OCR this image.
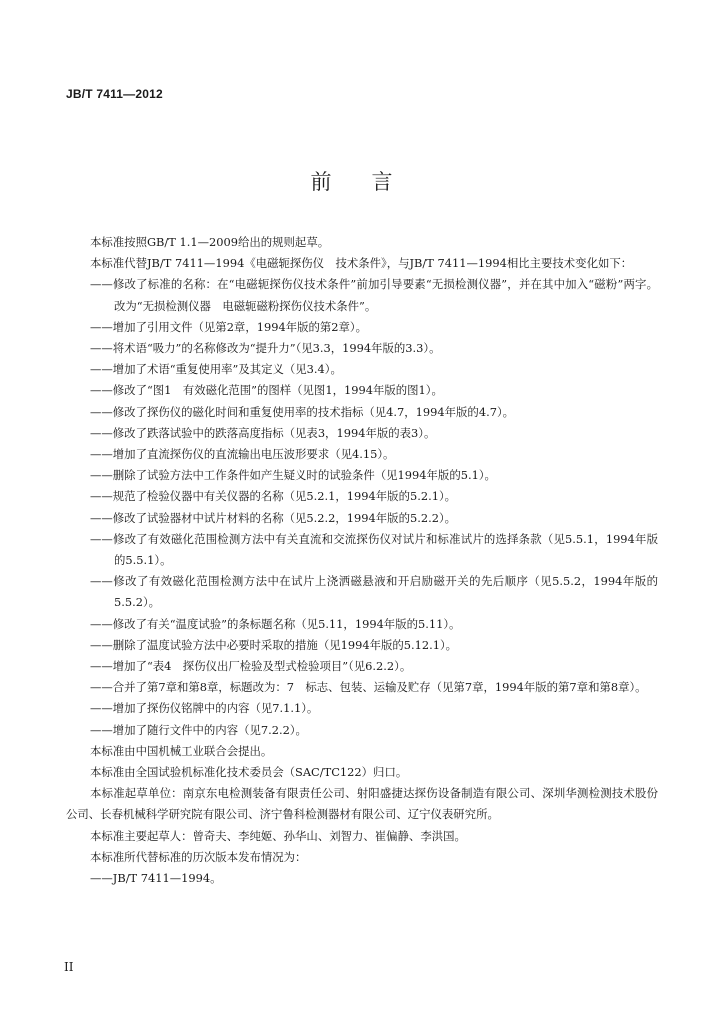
JB/T 7411—2012
前 言

本标准按照GB/T 1.1—2009给出的规则起草。

本标准代替JB/T 7411—1994《电磁轭探伤仪　技术条件》，与JB/T 7411—1994相比主要技术变化如下：

——修改了标准的名称：在“电磁轭探伤仪技术条件”前加引导要素“无损检测仪器”，并在其中加入“磁粉”两字。改为“无损检测仪器　电磁轭磁粉探伤仪技术条件”。

——增加了引用文件（见第2章，1994年版的第2章）。

——将术语“吸力”的名称修改为“提升力”（见3.3，1994年版的3.3）。

——增加了术语“重复使用率”及其定义（见3.4）。

——修改了“图1　有效磁化范围”的图样（见图1，1994年版的图1）。

——修改了探伤仪的磁化时间和重复使用率的技术指标（见4.7，1994年版的4.7）。

——修改了跌落试验中的跌落高度指标（见表3，1994年版的表3）。

——增加了直流探伤仪的直流输出电压波形要求（见4.15）。

——删除了试验方法中工作条件如产生疑义时的试验条件（见1994年版的5.1）。

——规范了检验仪器中有关仪器的名称（见5.2.1，1994年版的5.2.1）。

——修改了试验器材中试片材料的名称（见5.2.2，1994年版的5.2.2）。

——修改了有效磁化范围检测方法中有关直流和交流探伤仪对试片和标准试片的选择条款（见5.5.1，1994年版的5.5.1）。

——修改了有效磁化范围检测方法中在试片上浇洒磁悬液和开启励磁开关的先后顺序（见5.5.2，1994年版的5.5.2）。

——修改了有关“温度试验”的条标题名称（见5.11，1994年版的5.11）。

——删除了温度试验方法中必要时采取的措施（见1994年版的5.12.1）。

——增加了“表4　探伤仪出厂检验及型式检验项目”（见6.2.2）。

——合并了第7章和第8章，标题改为：7　标志、包装、运输及贮存（见第7章，1994年版的第7章和第8章）。

——增加了探伤仪铭牌中的内容（见7.1.1）。

——增加了随行文件中的内容（见7.2.2）。

本标准由中国机械工业联合会提出。

本标准由全国试验机标准化技术委员会（SAC/TC122）归口。

本标准起草单位：南京东电检测装备有限责任公司、射阳盛捷达探伤设备制造有限公司、深圳华测检测技术股份公司、长春机械科学研究院有限公司、济宁鲁科检测器材有限公司、辽宁仪表研究所。

本标准主要起草人：曾奇夫、李纯姬、孙华山、刘智力、崔偏静、李洪国。

本标准所代替标准的历次版本发布情况为：

——JB/T 7411—1994。

II
